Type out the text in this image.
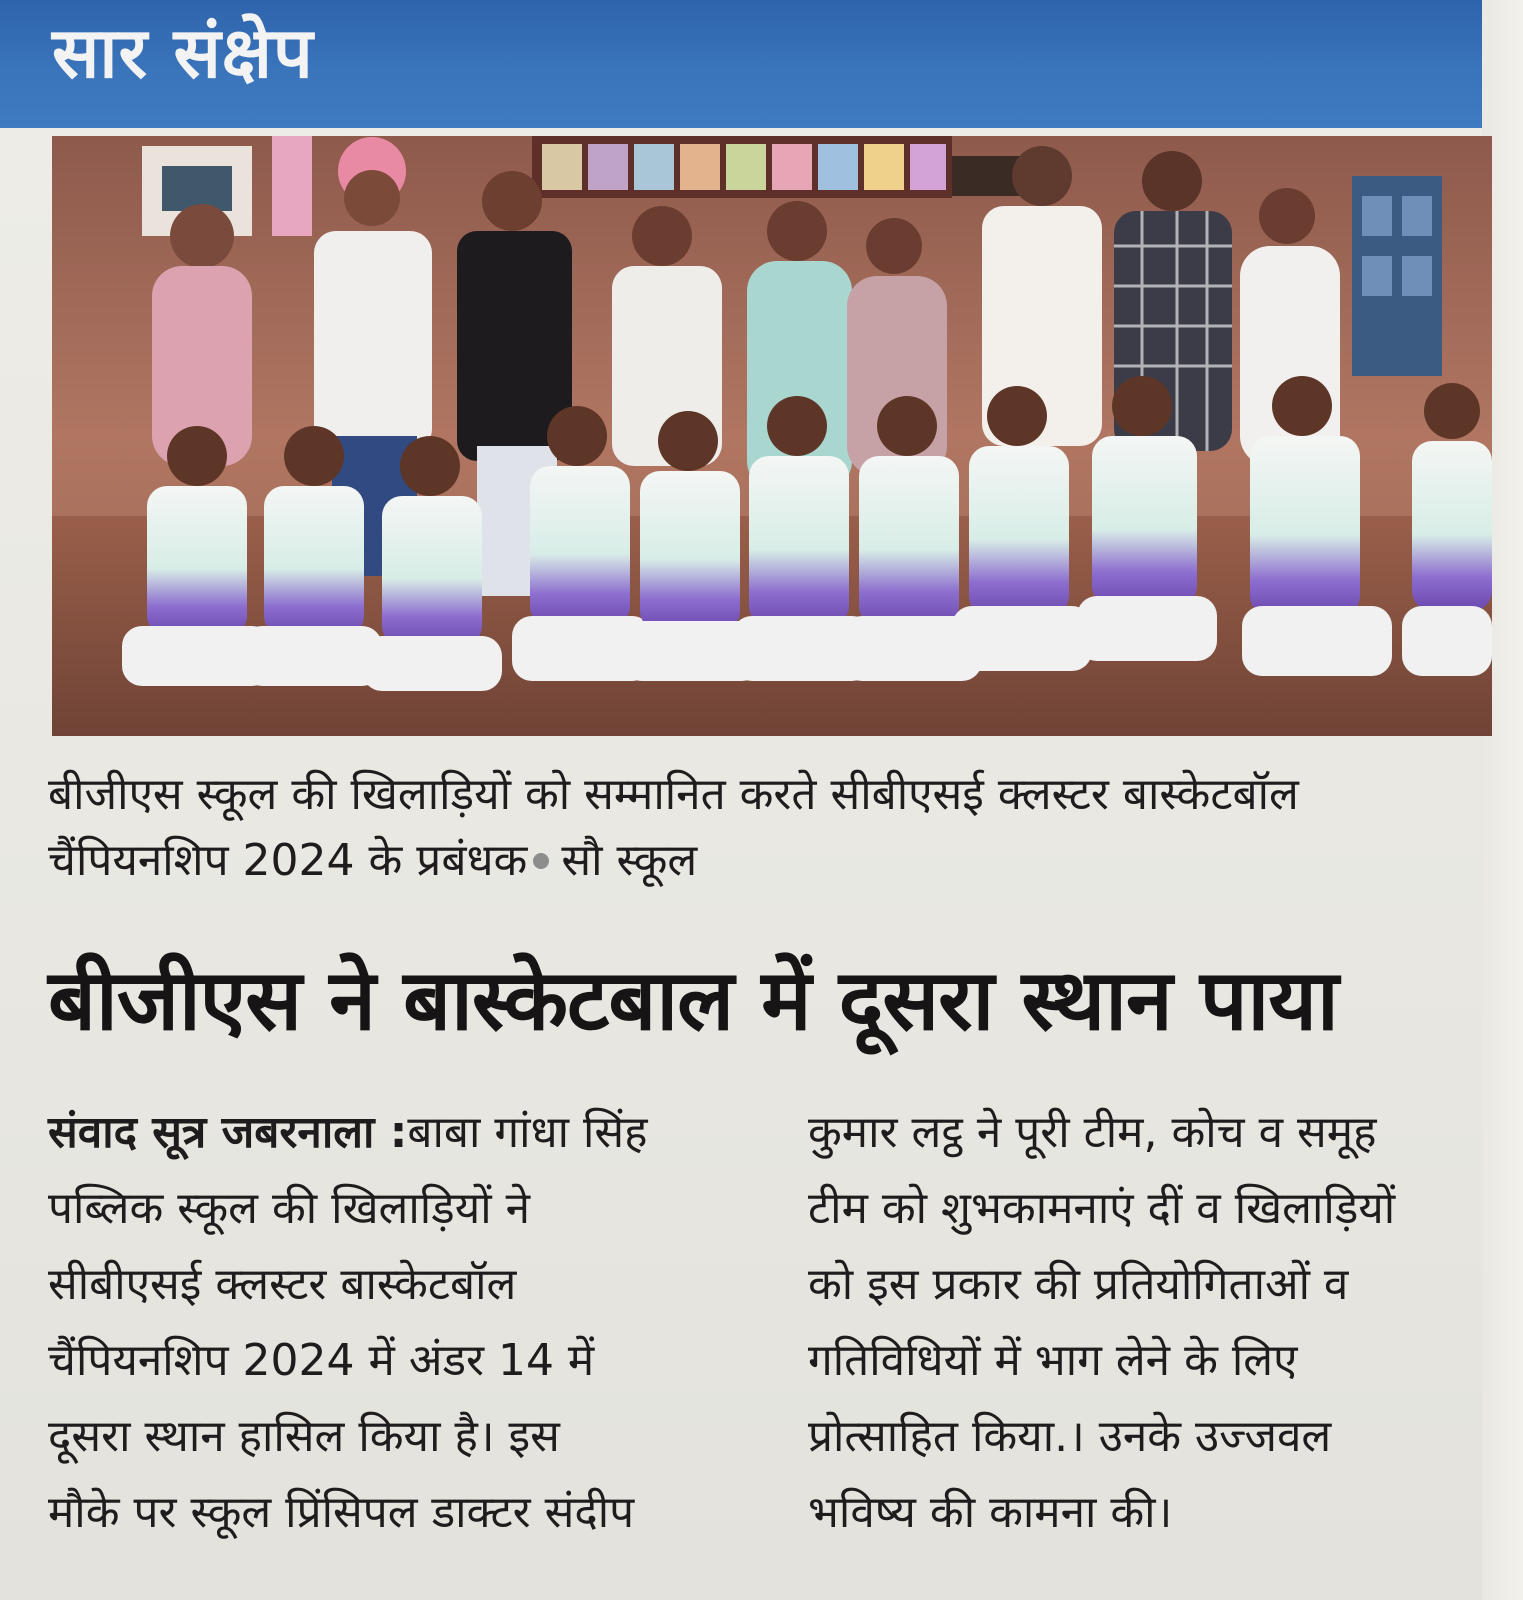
सार संक्षेप
बीजीएस स्कूल की खिलाड़ियों को सम्मानित करते सीबीएसई क्लस्टर बास्केटबॉल
चैंपियनशिप 2024 के प्रबंधक सौ स्कूल
बीजीएस ने बास्केटबाल में दूसरा स्थान पाया
संवाद सूत्र जबरनाला :बाबा गांधा सिंह
पब्लिक स्कूल की खिलाड़ियों ने
सीबीएसई क्लस्टर बास्केटबॉल
चैंपियनशिप 2024 में अंडर 14 में
दूसरा स्थान हासिल किया है। इस
मौके पर स्कूल प्रिंसिपल डाक्टर संदीप
कुमार लट्ठ ने पूरी टीम, कोच व समूह
टीम को शुभकामनाएं दीं व खिलाड़ियों
को इस प्रकार की प्रतियोगिताओं व
गतिविधियों में भाग लेने के लिए
प्रोत्साहित किया.। उनके उज्जवल
भविष्य की कामना की।
